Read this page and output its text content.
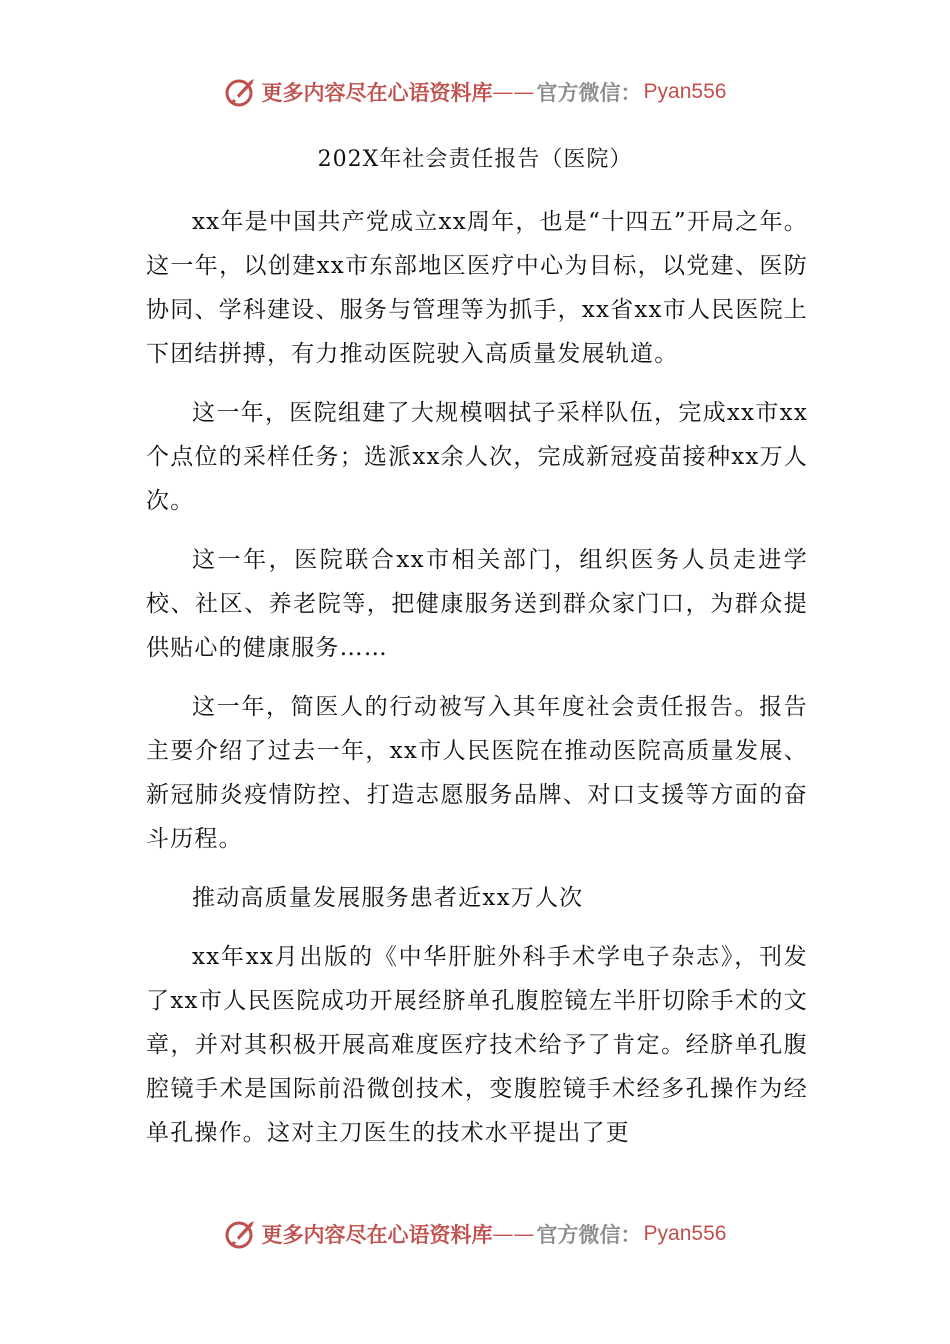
更多内容尽在心语资料库 —— 官方微信： Pyan556
202X年社会责任报告（医院）

xx年是中国共产党成立xx周年，也是“十四五”开局之年。这一年，以创建xx市东部地区医疗中心为目标，以党建、医防协同、学科建设、服务与管理等为抓手，xx省xx市人民医院上下团结拼搏，有力推动医院驶入高质量发展轨道。

这一年，医院组建了大规模咽拭子采样队伍，完成xx市xx个点位的采样任务；选派xx余人次，完成新冠疫苗接种xx万人次。

这一年，医院联合xx市相关部门，组织医务人员走进学校、社区、养老院等，把健康服务送到群众家门口，为群众提供贴心的健康服务……

这一年，简医人的行动被写入其年度社会责任报告。报告主要介绍了过去一年，xx市人民医院在推动医院高质量发展、新冠肺炎疫情防控、打造志愿服务品牌、对口支援等方面的奋斗历程。

推动高质量发展服务患者近xx万人次

xx年xx月出版的《中华肝脏外科手术学电子杂志》，刊发了xx市人民医院成功开展经脐单孔腹腔镜左半肝切除手术的文章，并对其积极开展高难度医疗技术给予了肯定。经脐单孔腹腔镜手术是国际前沿微创技术，变腹腔镜手术经多孔操作为经单孔操作。这对主刀医生的技术水平提出了更

更多内容尽在心语资料库 —— 官方微信： Pyan556
